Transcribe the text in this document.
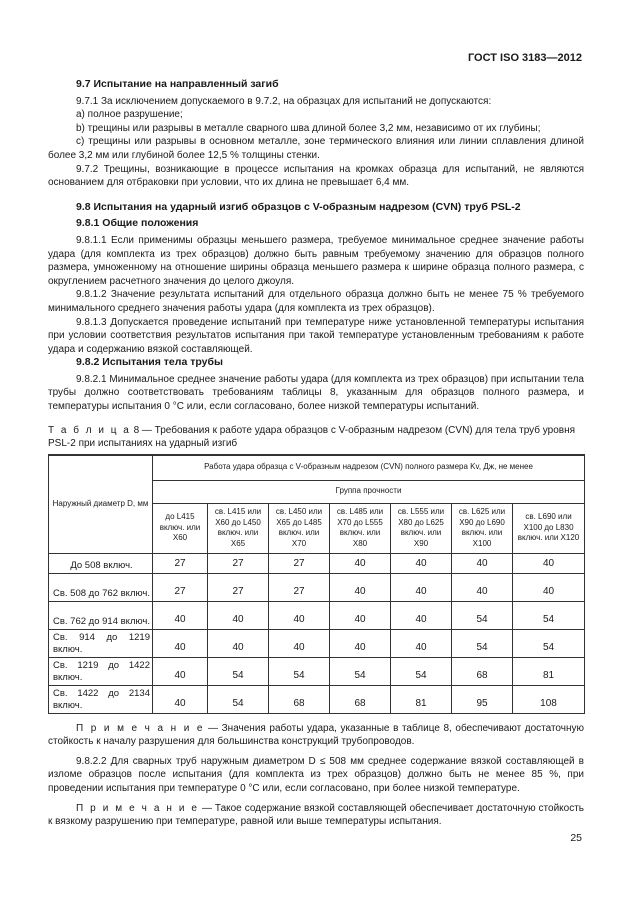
ГОСТ ISO 3183—2012
9.7 Испытание на направленный загиб

9.7.1 За исключением допускаемого в 9.7.2, на образцах для испытаний не допускаются:

a) полное разрушение;

b) трещины или разрывы в металле сварного шва длиной более 3,2 мм, независимо от их глубины;

c) трещины или разрывы в основном металле, зоне термического влияния или линии сплавления длиной более 3,2 мм или глубиной более 12,5 % толщины стенки.

9.7.2 Трещины, возникающие в процессе испытания на кромках образца для испытаний, не являются основанием для отбраковки при условии, что их длина не превышает 6,4 мм.

9.8 Испытания на ударный изгиб образцов с V-образным надрезом (CVN) труб PSL-2
9.8.1 Общие положения

9.8.1.1 Если применимы образцы меньшего размера, требуемое минимальное среднее значение работы удара (для комплекта из трех образцов) должно быть равным требуемому значению для образцов полного размера, умноженному на отношение ширины образца меньшего размера к ширине образца полного размера, с округлением расчетного значения до целого джоуля.

9.8.1.2 Значение результата испытаний для отдельного образца должно быть не менее 75 % требуемого минимального среднего значения работы удара (для комплекта из трех образцов).

9.8.1.3 Допускается проведение испытаний при температуре ниже установленной температуры испытания при условии соответствия результатов испытания при такой температуре установленным требованиям к работе удара и содержанию вязкой составляющей.

9.8.2 Испытания тела трубы

9.8.2.1 Минимальное среднее значение работы удара (для комплекта из трех образцов) при испытании тела трубы должно соответствовать требованиям таблицы 8, указанным для образцов полного размера, и температуры испытания 0 °С или, если согласовано, более низкой температуры испытаний.

Т а б л и ц а 8 — Требования к работе удара образцов с V-образным надрезом (CVN) для тела труб уровня PSL-2 при испытаниях на ударный изгиб
Наружный диаметр D, мм	Работа удара образца с V-образным надрезом (CVN) полного размера Kv, Дж, не менее						
	Группа прочности						
	до L415 включ. или X60	св. L415 или X60 до L450 включ. или X65	св. L450 или X65 до L485 включ. или X70	св. L485 или X70 до L555 включ. или X80	св. L555 или X80 до L625 включ. или X90	св. L625 или X90 до L690 включ. или X100	св. L690 или X100 до L830 включ. или X120
До 508 включ.	27	27	27	40	40	40	40
Св. 508 до 762 включ.	27	27	27	40	40	40	40
Св. 762 до 914 включ.	40	40	40	40	40	54	54
Св. 914 до 1219 включ.	40	40	40	40	40	54	54
Св. 1219 до 1422 включ.	40	54	54	54	54	68	81
Св. 1422 до 2134 включ.	40	54	68	68	81	95	108

П р и м е ч а н и е — Значения работы удара, указанные в таблице 8, обеспечивают достаточную стойкость к началу разрушения для большинства конструкций трубопроводов.

9.8.2.2 Для сварных труб наружным диаметром D ≤ 508 мм среднее содержание вязкой составляющей в изломе образцов после испытания (для комплекта из трех образцов) должно быть не менее 85 %, при проведении испытания при температуре 0 °С или, если согласовано, при более низкой температуре.

П р и м е ч а н и е — Такое содержание вязкой составляющей обеспечивает достаточную стойкость к вязкому разрушению при температуре, равной или выше температуры испытания.

25
